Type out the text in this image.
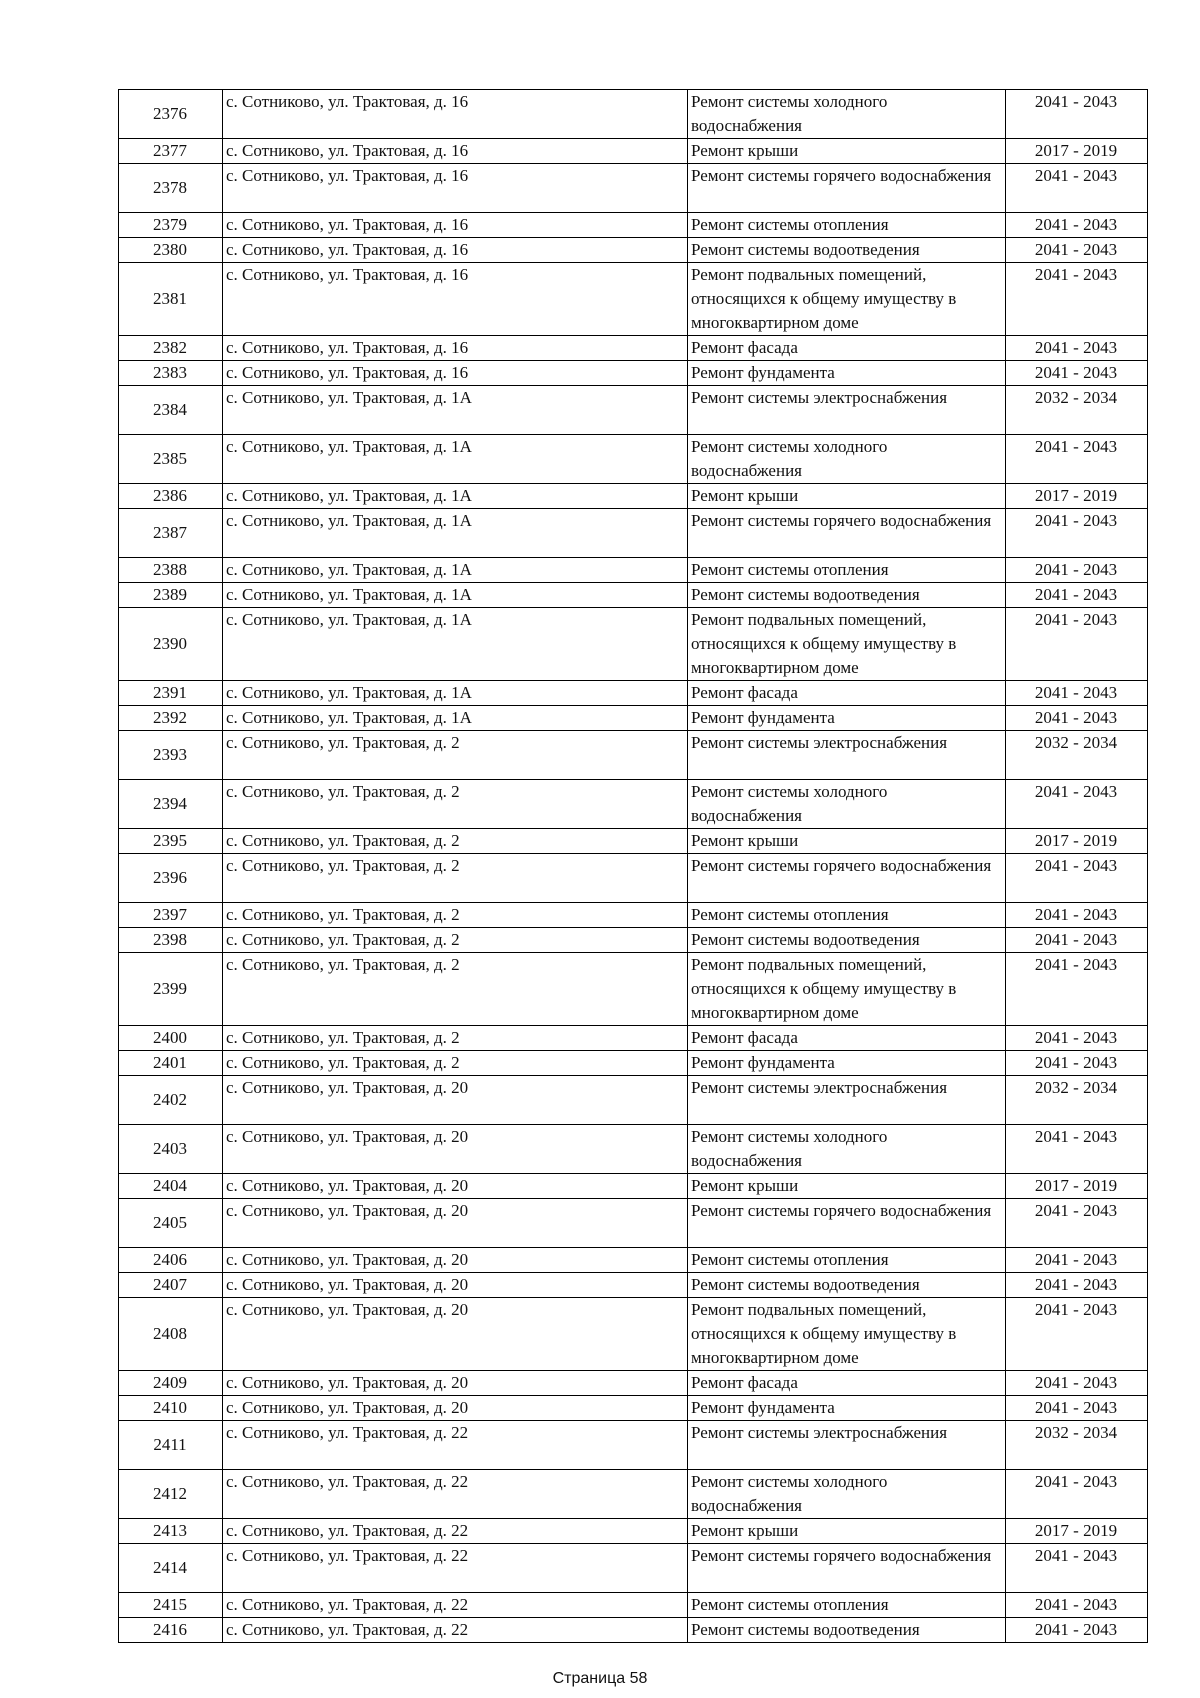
2376	с. Сотниково, ул. Трактовая, д. 16	Ремонт системы холодного водоснабжения	2041 - 2043
2377	с. Сотниково, ул. Трактовая, д. 16	Ремонт крыши	2017 - 2019
2378	с. Сотниково, ул. Трактовая, д. 16	Ремонт системы горячего водоснабжения	2041 - 2043
2379	с. Сотниково, ул. Трактовая, д. 16	Ремонт системы отопления	2041 - 2043
2380	с. Сотниково, ул. Трактовая, д. 16	Ремонт системы водоотведения	2041 - 2043
2381	с. Сотниково, ул. Трактовая, д. 16	Ремонт подвальных помещений, относящихся к общему имуществу в многоквартирном доме	2041 - 2043
2382	с. Сотниково, ул. Трактовая, д. 16	Ремонт фасада	2041 - 2043
2383	с. Сотниково, ул. Трактовая, д. 16	Ремонт фундамента	2041 - 2043
2384	с. Сотниково, ул. Трактовая, д. 1А	Ремонт системы электроснабжения	2032 - 2034
2385	с. Сотниково, ул. Трактовая, д. 1А	Ремонт системы холодного водоснабжения	2041 - 2043
2386	с. Сотниково, ул. Трактовая, д. 1А	Ремонт крыши	2017 - 2019
2387	с. Сотниково, ул. Трактовая, д. 1А	Ремонт системы горячего водоснабжения	2041 - 2043
2388	с. Сотниково, ул. Трактовая, д. 1А	Ремонт системы отопления	2041 - 2043
2389	с. Сотниково, ул. Трактовая, д. 1А	Ремонт системы водоотведения	2041 - 2043
2390	с. Сотниково, ул. Трактовая, д. 1А	Ремонт подвальных помещений, относящихся к общему имуществу в многоквартирном доме	2041 - 2043
2391	с. Сотниково, ул. Трактовая, д. 1А	Ремонт фасада	2041 - 2043
2392	с. Сотниково, ул. Трактовая, д. 1А	Ремонт фундамента	2041 - 2043
2393	с. Сотниково, ул. Трактовая, д. 2	Ремонт системы электроснабжения	2032 - 2034
2394	с. Сотниково, ул. Трактовая, д. 2	Ремонт системы холодного водоснабжения	2041 - 2043
2395	с. Сотниково, ул. Трактовая, д. 2	Ремонт крыши	2017 - 2019
2396	с. Сотниково, ул. Трактовая, д. 2	Ремонт системы горячего водоснабжения	2041 - 2043
2397	с. Сотниково, ул. Трактовая, д. 2	Ремонт системы отопления	2041 - 2043
2398	с. Сотниково, ул. Трактовая, д. 2	Ремонт системы водоотведения	2041 - 2043
2399	с. Сотниково, ул. Трактовая, д. 2	Ремонт подвальных помещений, относящихся к общему имуществу в многоквартирном доме	2041 - 2043
2400	с. Сотниково, ул. Трактовая, д. 2	Ремонт фасада	2041 - 2043
2401	с. Сотниково, ул. Трактовая, д. 2	Ремонт фундамента	2041 - 2043
2402	с. Сотниково, ул. Трактовая, д. 20	Ремонт системы электроснабжения	2032 - 2034
2403	с. Сотниково, ул. Трактовая, д. 20	Ремонт системы холодного водоснабжения	2041 - 2043
2404	с. Сотниково, ул. Трактовая, д. 20	Ремонт крыши	2017 - 2019
2405	с. Сотниково, ул. Трактовая, д. 20	Ремонт системы горячего водоснабжения	2041 - 2043
2406	с. Сотниково, ул. Трактовая, д. 20	Ремонт системы отопления	2041 - 2043
2407	с. Сотниково, ул. Трактовая, д. 20	Ремонт системы водоотведения	2041 - 2043
2408	с. Сотниково, ул. Трактовая, д. 20	Ремонт подвальных помещений, относящихся к общему имуществу в многоквартирном доме	2041 - 2043
2409	с. Сотниково, ул. Трактовая, д. 20	Ремонт фасада	2041 - 2043
2410	с. Сотниково, ул. Трактовая, д. 20	Ремонт фундамента	2041 - 2043
2411	с. Сотниково, ул. Трактовая, д. 22	Ремонт системы электроснабжения	2032 - 2034
2412	с. Сотниково, ул. Трактовая, д. 22	Ремонт системы холодного водоснабжения	2041 - 2043
2413	с. Сотниково, ул. Трактовая, д. 22	Ремонт крыши	2017 - 2019
2414	с. Сотниково, ул. Трактовая, д. 22	Ремонт системы горячего водоснабжения	2041 - 2043
2415	с. Сотниково, ул. Трактовая, д. 22	Ремонт системы отопления	2041 - 2043
2416	с. Сотниково, ул. Трактовая, д. 22	Ремонт системы водоотведения	2041 - 2043
Страница 58
